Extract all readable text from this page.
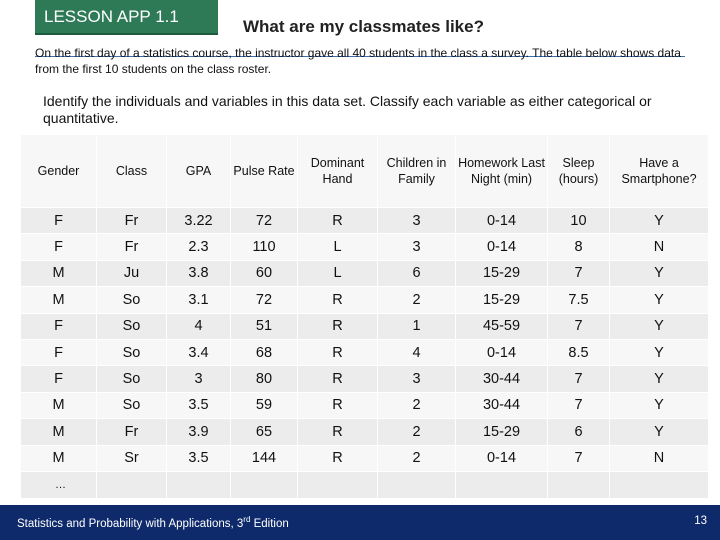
LESSON APP 1.1
What are my classmates like?
On the first day of a statistics course, the instructor gave all 40 students in the class a survey. The table below shows data from the first 10 students on the class roster.
Identify the individuals and variables in this data set. Classify each variable as either categorical or quantitative.
Gender	Class	GPA	Pulse Rate	Dominant Hand	Children in Family	Homework Last Night (min)	Sleep (hours)	Have a Smartphone?
F	Fr	3.22	72	R	3	0-14	10	Y
F	Fr	2.3	110	L	3	0-14	8	N
M	Ju	3.8	60	L	6	15-29	7	Y
M	So	3.1	72	R	2	15-29	7.5	Y
F	So	4	51	R	1	45-59	7	Y
F	So	3.4	68	R	4	0-14	8.5	Y
F	So	3	80	R	3	30-44	7	Y
M	So	3.5	59	R	2	30-44	7	Y
M	Fr	3.9	65	R	2	15-29	6	Y
M	Sr	3.5	144	R	2	0-14	7	N
…								
Statistics and Probability with Applications, 3rd Edition	13
